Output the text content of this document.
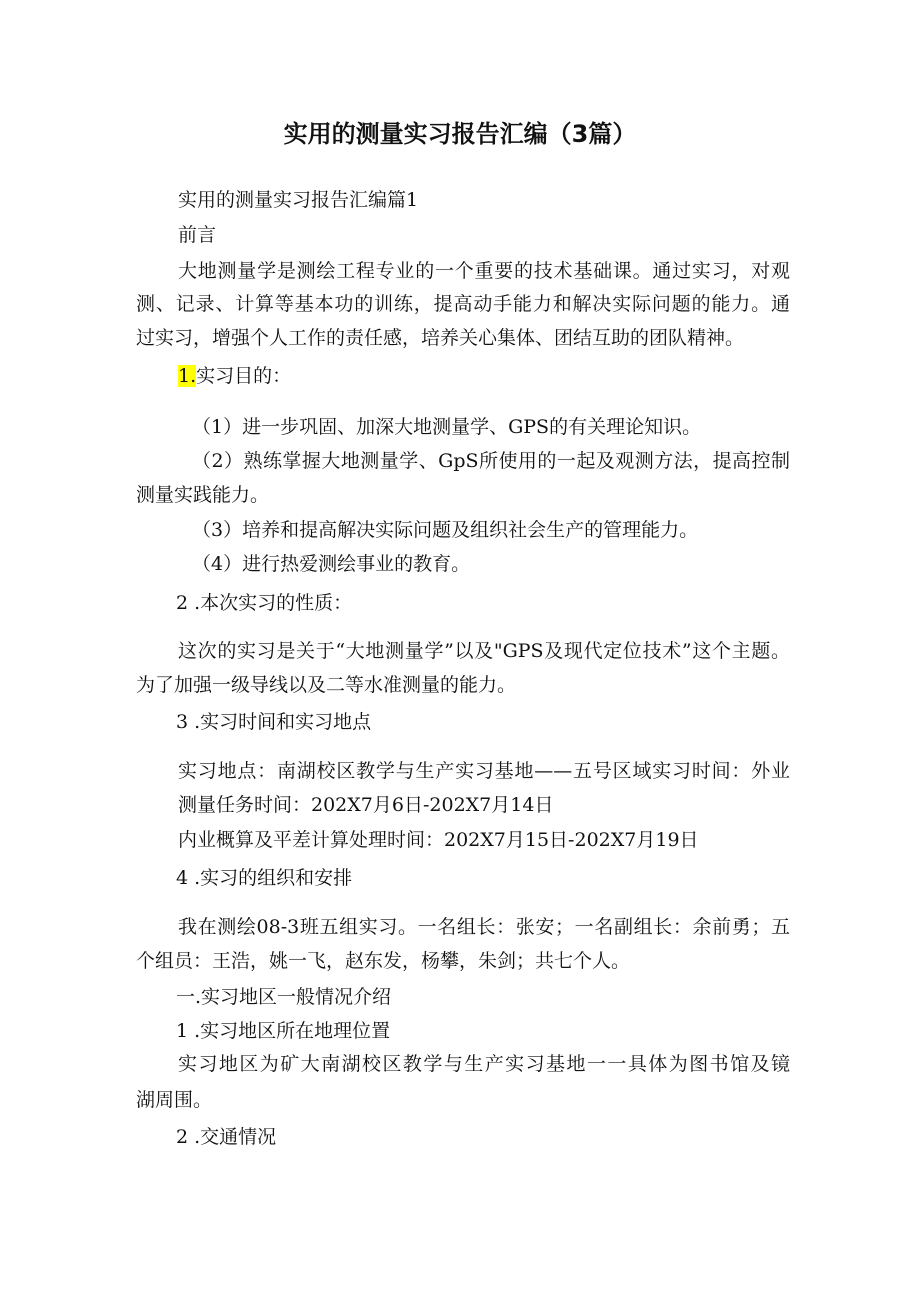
实用的测量实习报告汇编（3篇）
实用的测量实习报告汇编篇1
前言
大地测量学是测绘工程专业的一个重要的技术基础课。通过实习，对观
测、记录、计算等基本功的训练，提高动手能力和解决实际问题的能力。通
过实习，增强个人工作的责任感，培养关心集体、团结互助的团队精神。
1.实习目的：
（1）进一步巩固、加深大地测量学、GPS的有关理论知识。
（2）熟练掌握大地测量学、GpS所使用的一起及观测方法，提高控制
测量实践能力。
（3）培养和提高解决实际问题及组织社会生产的管理能力。
（4）进行热爱测绘事业的教育。
2 .本次实习的性质：
这次的实习是关于“大地测量学”以及"GPS及现代定位技术”这个主题。
为了加强一级导线以及二等水准测量的能力。
3 .实习时间和实习地点
实习地点：南湖校区教学与生产实习基地——五号区域实习时间：外业
测量任务时间：202X7月6日-202X7月14日
内业概算及平差计算处理时间：202X7月15日-202X7月19日
4 .实习的组织和安排
我在测绘08-3班五组实习。一名组长：张安；一名副组长：余前勇；五
个组员：王浩，姚一飞，赵东发，杨攀，朱剑；共七个人。
一.实习地区一般情况介绍
1 .实习地区所在地理位置
实习地区为矿大南湖校区教学与生产实习基地一一具体为图书馆及镜
湖周围。
2 .交通情况
